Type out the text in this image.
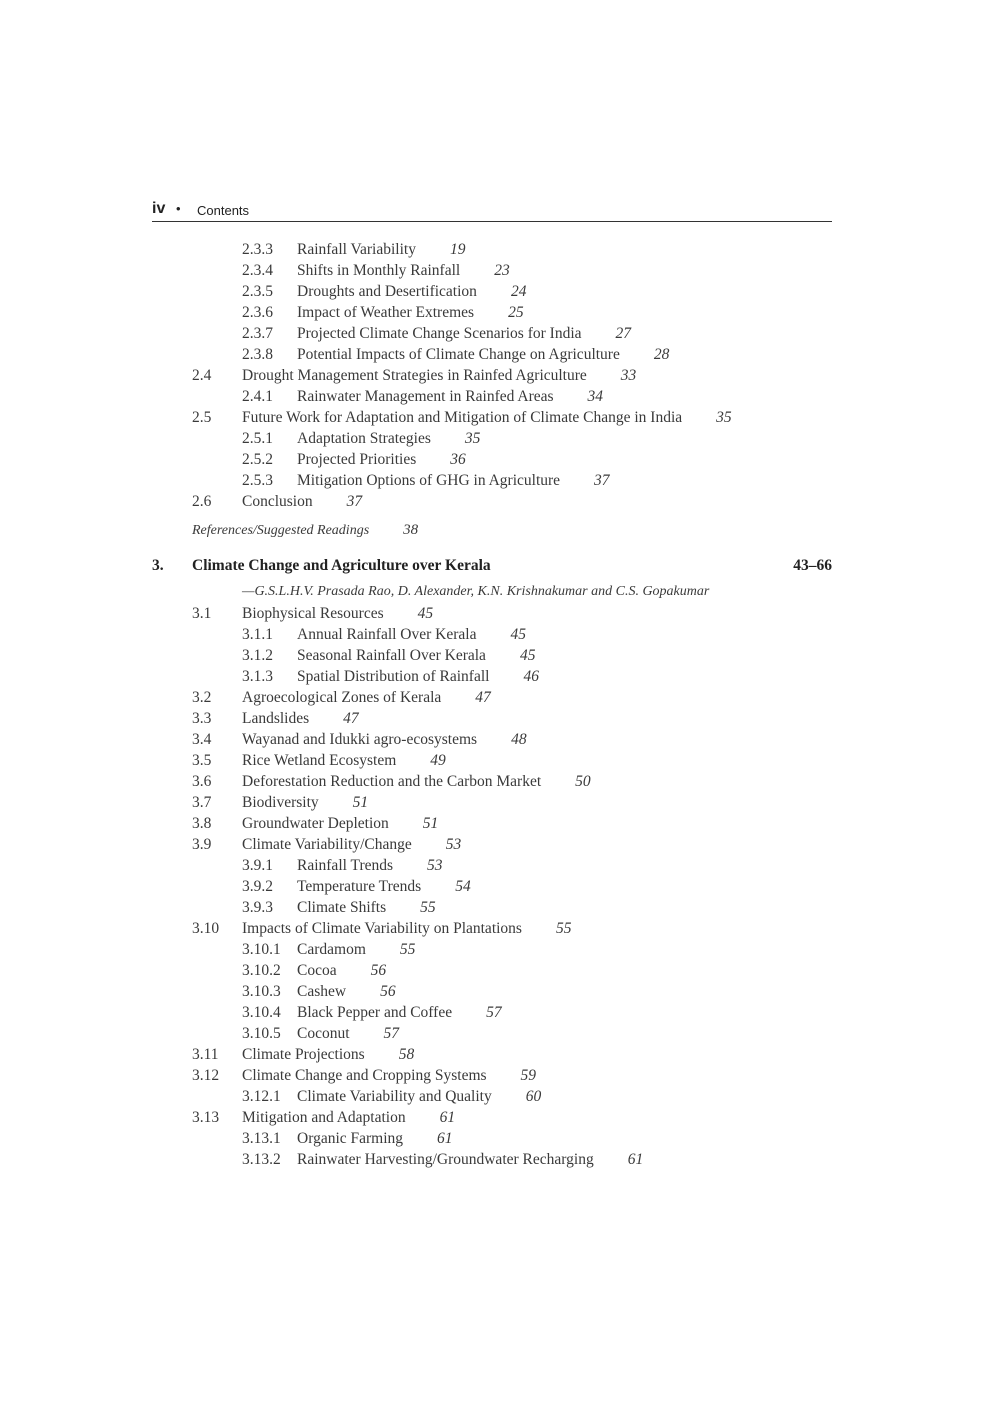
iv • Contents
2.3.3 Rainfall Variability 19
2.3.4 Shifts in Monthly Rainfall 23
2.3.5 Droughts and Desertification 24
2.3.6 Impact of Weather Extremes 25
2.3.7 Projected Climate Change Scenarios for India 27
2.3.8 Potential Impacts of Climate Change on Agriculture 28
2.4 Drought Management Strategies in Rainfed Agriculture 33
2.4.1 Rainwater Management in Rainfed Areas 34
2.5 Future Work for Adaptation and Mitigation of Climate Change in India 35
2.5.1 Adaptation Strategies 35
2.5.2 Projected Priorities 36
2.5.3 Mitigation Options of GHG in Agriculture 37
2.6 Conclusion 37
References/Suggested Readings 38
3. Climate Change and Agriculture over Kerala	43–66
—G.S.L.H.V. Prasada Rao, D. Alexander, K.N. Krishnakumar and C.S. Gopakumar
3.1 Biophysical Resources 45
3.1.1 Annual Rainfall Over Kerala 45
3.1.2 Seasonal Rainfall Over Kerala 45
3.1.3 Spatial Distribution of Rainfall 46
3.2 Agroecological Zones of Kerala 47
3.3 Landslides 47
3.4 Wayanad and Idukki agro-ecosystems 48
3.5 Rice Wetland Ecosystem 49
3.6 Deforestation Reduction and the Carbon Market 50
3.7 Biodiversity 51
3.8 Groundwater Depletion 51
3.9 Climate Variability/Change 53
3.9.1 Rainfall Trends 53
3.9.2 Temperature Trends 54
3.9.3 Climate Shifts 55
3.10 Impacts of Climate Variability on Plantations 55
3.10.1 Cardamom 55
3.10.2 Cocoa 56
3.10.3 Cashew 56
3.10.4 Black Pepper and Coffee 57
3.10.5 Coconut 57
3.11 Climate Projections 58
3.12 Climate Change and Cropping Systems 59
3.12.1 Climate Variability and Quality 60
3.13 Mitigation and Adaptation 61
3.13.1 Organic Farming 61
3.13.2 Rainwater Harvesting/Groundwater Recharging 61
